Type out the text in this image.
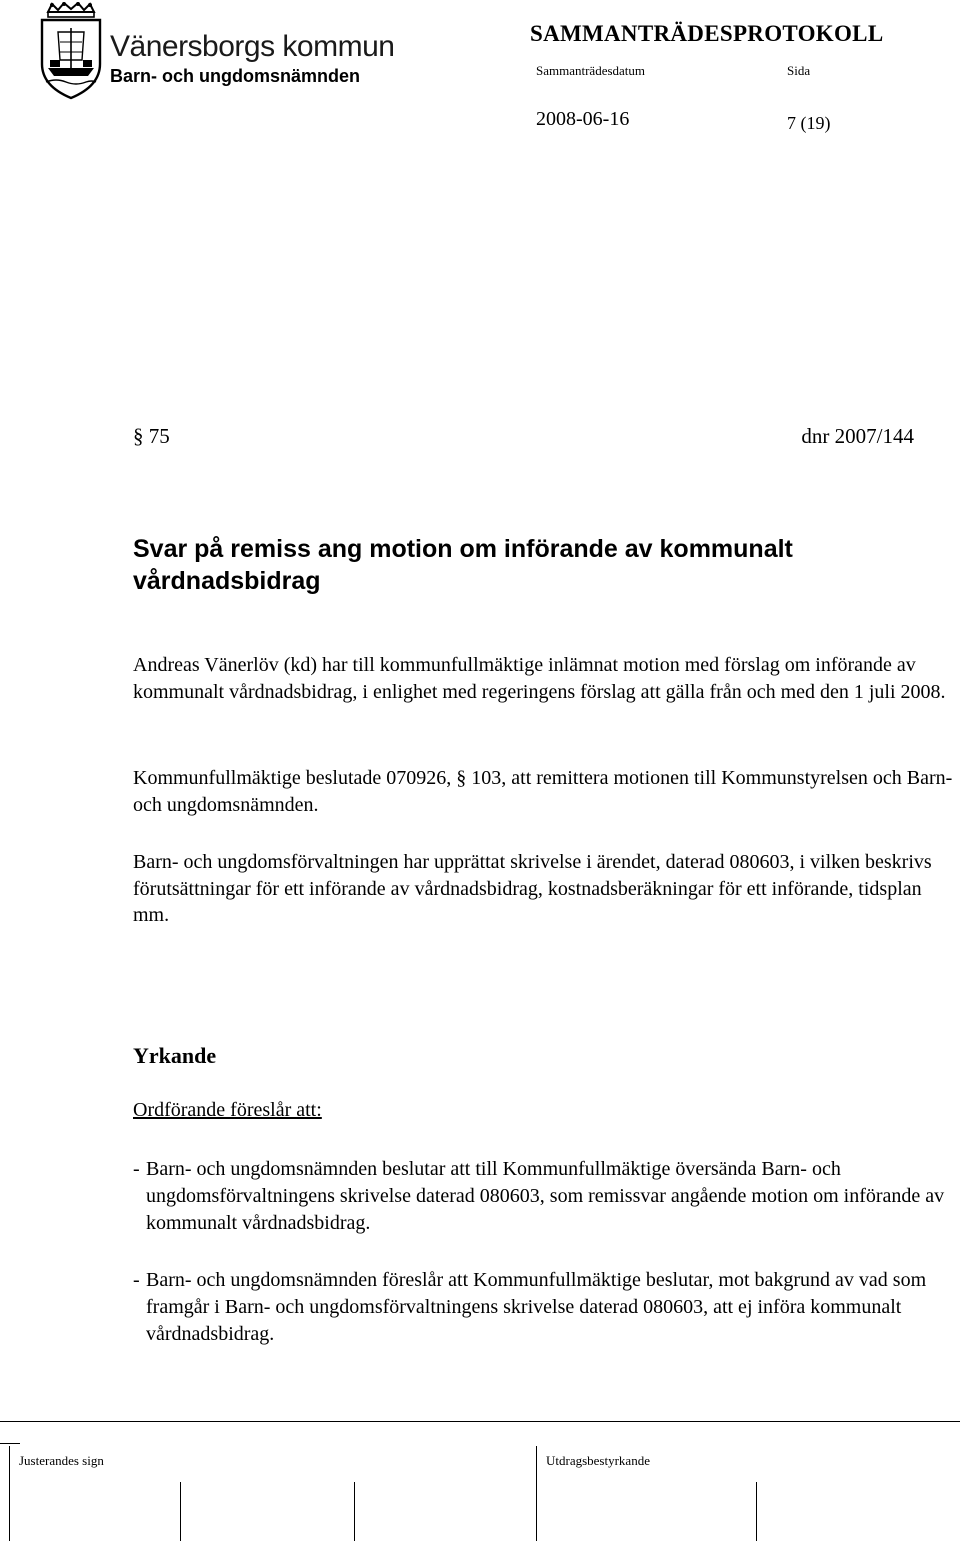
Vänersborgs kommun
Barn- och ungdomsnämnden
SAMMANTRÄDESPROTOKOLL
Sammanträdesdatum	Sida
2008-06-16	7 (19)
§ 75	dnr 2007/144
Svar på remiss ang motion om införande av kommunalt vårdnadsbidrag
Andreas Vänerlöv (kd) har till kommunfullmäktige inlämnat motion med förslag om införande av kommunalt vårdnadsbidrag, i enlighet med regeringens förslag att gälla från och med den 1 juli 2008.
Kommunfullmäktige beslutade 070926, § 103, att remittera motionen till Kommunstyrelsen och Barn- och ungdomsnämnden.
Barn- och ungdomsförvaltningen har upprättat skrivelse i ärendet, daterad 080603, i vilken beskrivs förutsättningar för ett införande av vårdnadsbidrag, kostnadsberäkningar för ett införande, tidsplan mm.
Yrkande
Ordförande föreslår att:
- Barn- och ungdomsnämnden beslutar att till Kommunfullmäktige översända Barn- och ungdomsförvaltningens skrivelse daterad 080603, som remissvar angående motion om införande av kommunalt vårdnadsbidrag.
- Barn- och ungdomsnämnden föreslår att Kommunfullmäktige beslutar, mot bakgrund av vad som framgår i Barn- och ungdomsförvaltningens skrivelse daterad 080603, att ej införa kommunalt vårdnadsbidrag.
Justerandes sign	Utdragsbestyrkande
